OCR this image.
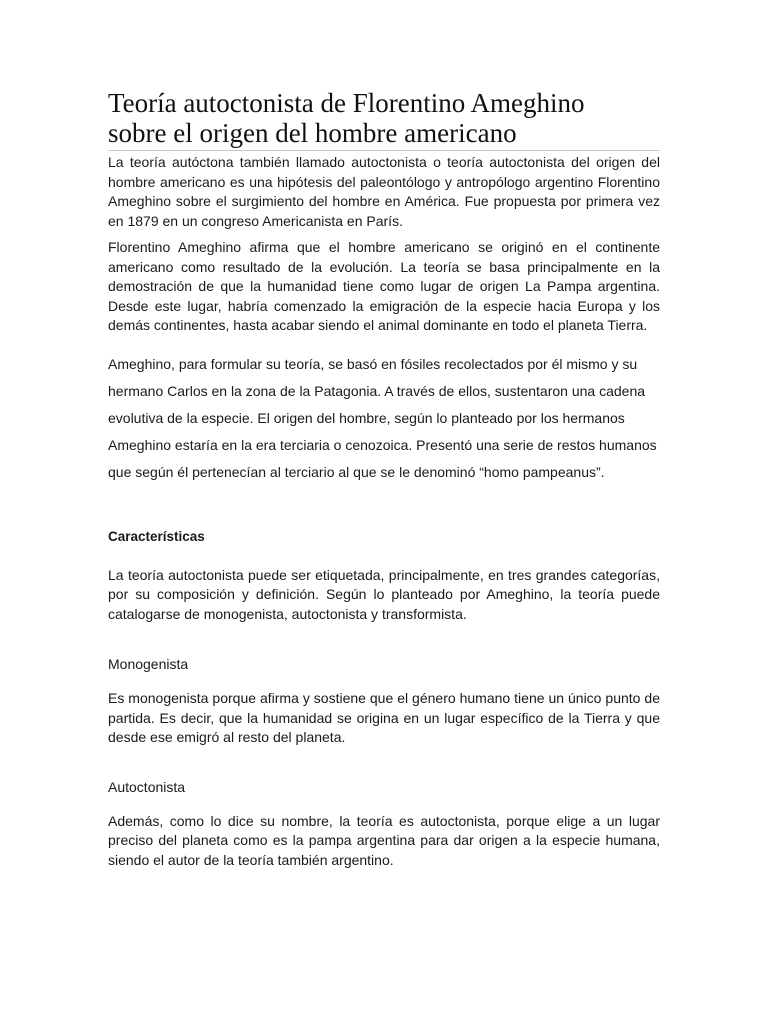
Teoría autoctonista de Florentino Ameghino
sobre el origen del hombre americano

La teoría autóctona también llamado autoctonista o teoría autoctonista del origen del hombre americano es una hipótesis del paleontólogo y antropólogo argentino Florentino Ameghino sobre el surgimiento del hombre en América. Fue propuesta por primera vez en 1879 en un congreso Americanista en París.

Florentino Ameghino afirma que el hombre americano se originó en el continente americano como resultado de la evolución. La teoría se basa principalmente en la demostración de que la humanidad tiene como lugar de origen La Pampa argentina. Desde este lugar, habría comenzado la emigración de la especie hacia Europa y los demás continentes, hasta acabar siendo el animal dominante en todo el planeta Tierra.

Ameghino, para formular su teoría, se basó en fósiles recolectados por él mismo y su hermano Carlos en la zona de la Patagonia. A través de ellos, sustentaron una cadena evolutiva de la especie. El origen del hombre, según lo planteado por los hermanos Ameghino estaría en la era terciaria o cenozoica. Presentó una serie de restos humanos que según él pertenecían al terciario al que se le denominó “homo pampeanus”.

Características

La teoría autoctonista puede ser etiquetada, principalmente, en tres grandes categorías, por su composición y definición. Según lo planteado por Ameghino, la teoría puede catalogarse de monogenista, autoctonista y transformista.

Monogenista

Es monogenista porque afirma y sostiene que el género humano tiene un único punto de partida. Es decir, que la humanidad se origina en un lugar específico de la Tierra y que desde ese emigró al resto del planeta.

Autoctonista

Además, como lo dice su nombre, la teoría es autoctonista, porque elige a un lugar preciso del planeta como es la pampa argentina para dar origen a la especie humana, siendo el autor de la teoría también argentino.
